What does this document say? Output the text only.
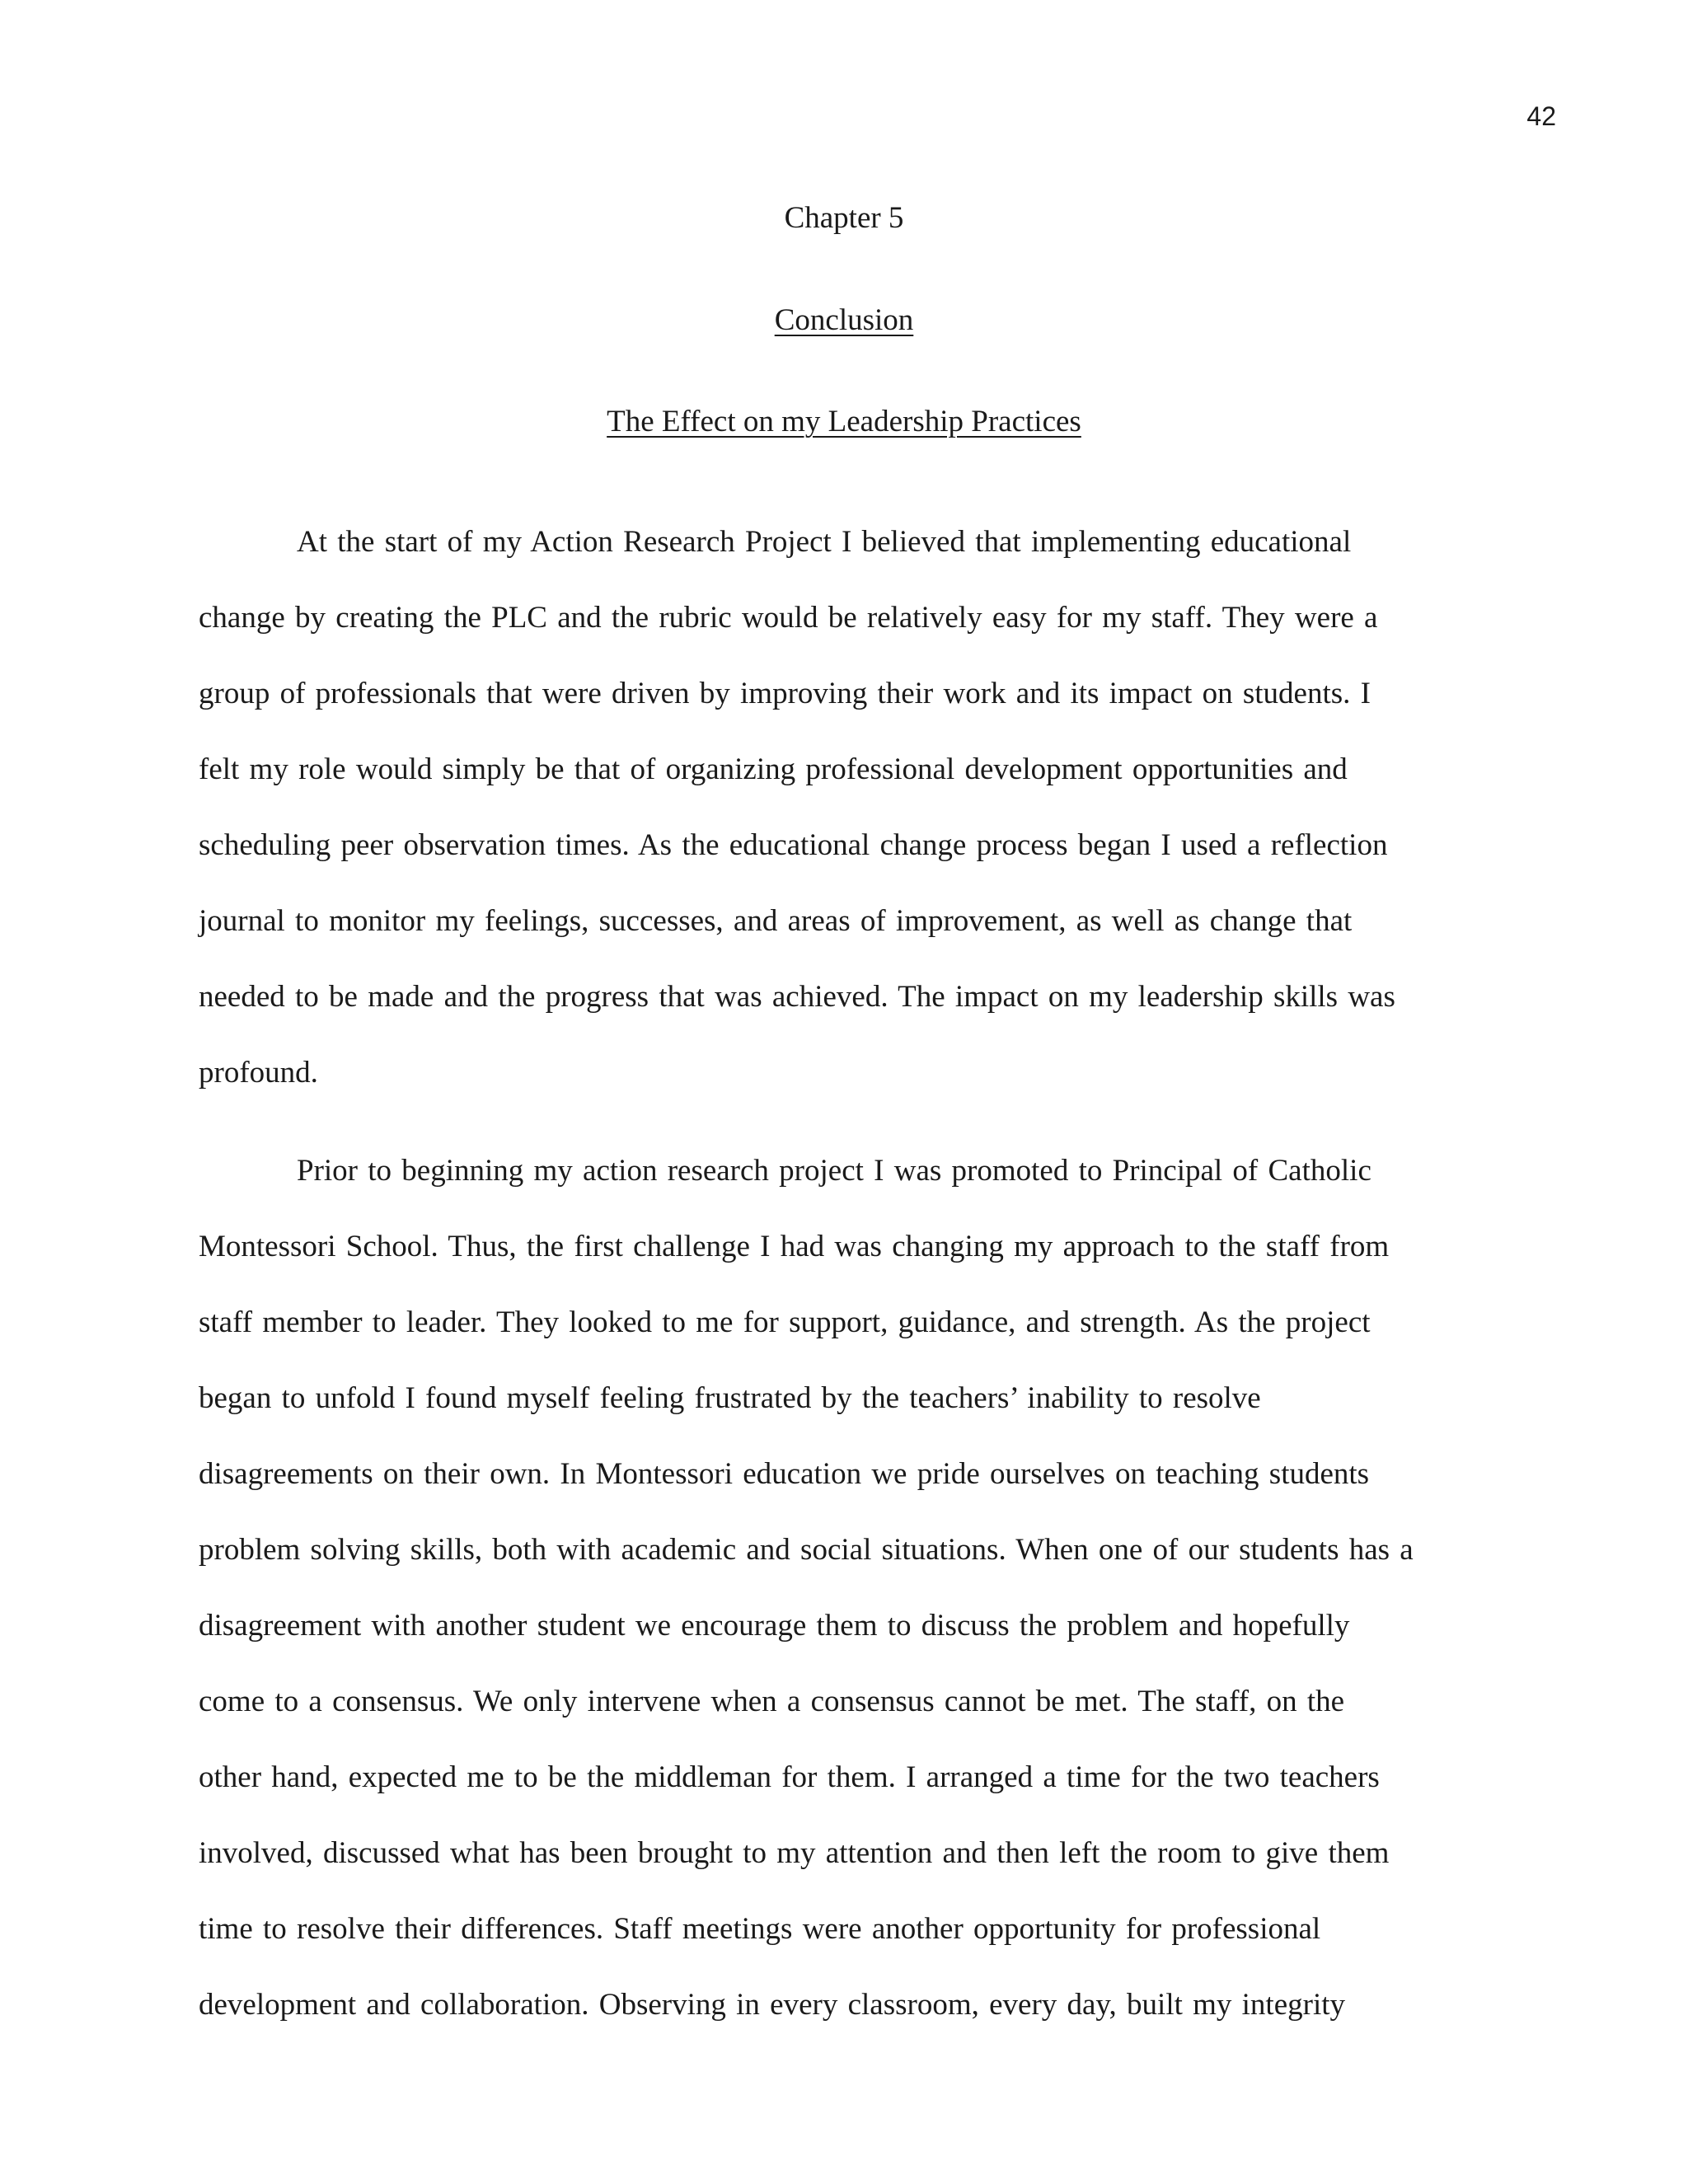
42
Chapter 5
Conclusion
The Effect on my Leadership Practices

At the start of my Action Research Project I believed that implementing educational
change by creating the PLC and the rubric would be relatively easy for my staff. They were a
group of professionals that were driven by improving their work and its impact on students. I
felt my role would simply be that of organizing professional development opportunities and
scheduling peer observation times. As the educational change process began I used a reflection
journal to monitor my feelings, successes, and areas of improvement, as well as change that
needed to be made and the progress that was achieved. The impact on my leadership skills was
profound.

Prior to beginning my action research project I was promoted to Principal of Catholic
Montessori School. Thus, the first challenge I had was changing my approach to the staff from
staff member to leader. They looked to me for support, guidance, and strength. As the project
began to unfold I found myself feeling frustrated by the teachers’ inability to resolve
disagreements on their own. In Montessori education we pride ourselves on teaching students
problem solving skills, both with academic and social situations. When one of our students has a
disagreement with another student we encourage them to discuss the problem and hopefully
come to a consensus. We only intervene when a consensus cannot be met. The staff, on the
other hand, expected me to be the middleman for them. I arranged a time for the two teachers
involved, discussed what has been brought to my attention and then left the room to give them
time to resolve their differences. Staff meetings were another opportunity for professional
development and collaboration. Observing in every classroom, every day, built my integrity
